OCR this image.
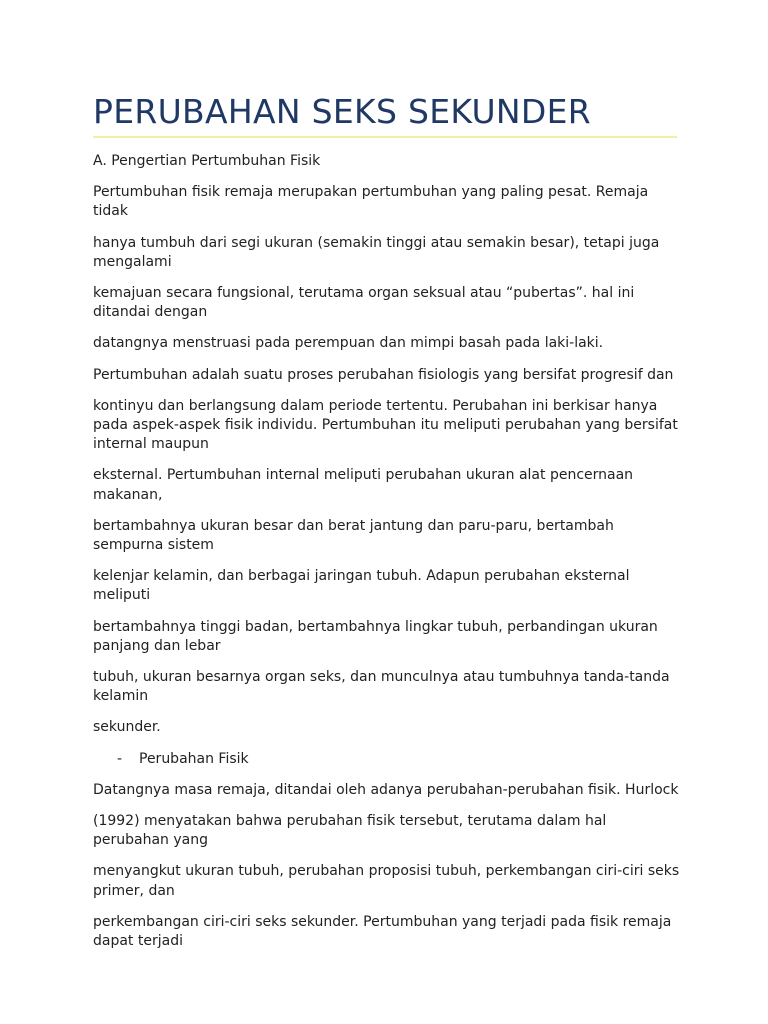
PERUBAHAN SEKS SEKUNDER

A. Pengertian Pertumbuhan Fisik

Pertumbuhan fisik remaja merupakan pertumbuhan yang paling pesat. Remaja tidak

hanya tumbuh dari segi ukuran (semakin tinggi atau semakin besar), tetapi juga mengalami

kemajuan secara fungsional, terutama organ seksual atau “pubertas”. hal ini ditandai dengan

datangnya menstruasi pada perempuan dan mimpi basah pada laki-laki.

Pertumbuhan adalah suatu proses perubahan fisiologis yang bersifat progresif dan

kontinyu dan berlangsung dalam periode tertentu. Perubahan ini berkisar hanya pada aspek-aspek fisik individu. Pertumbuhan itu meliputi perubahan yang bersifat internal maupun

eksternal. Pertumbuhan internal meliputi perubahan ukuran alat pencernaan makanan,

bertambahnya ukuran besar dan berat jantung dan paru-paru, bertambah sempurna sistem

kelenjar kelamin, dan berbagai jaringan tubuh. Adapun perubahan eksternal meliputi

bertambahnya tinggi badan, bertambahnya lingkar tubuh, perbandingan ukuran panjang dan lebar

tubuh, ukuran besarnya organ seks, dan munculnya atau tumbuhnya tanda-tanda kelamin

sekunder.

-	Perubahan Fisik

Datangnya masa remaja, ditandai oleh adanya perubahan-perubahan fisik. Hurlock

(1992) menyatakan bahwa perubahan fisik tersebut, terutama dalam hal perubahan yang

menyangkut ukuran tubuh, perubahan proposisi tubuh, perkembangan ciri-ciri seks primer, dan

perkembangan ciri-ciri seks sekunder. Pertumbuhan yang terjadi pada fisik remaja dapat terjadi
